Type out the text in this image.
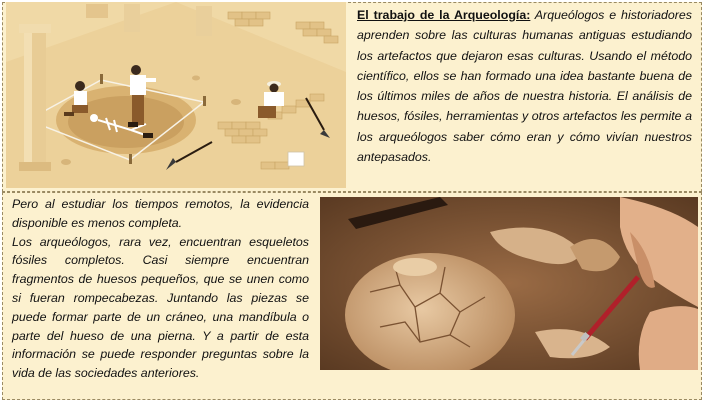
El trabajo de la Arqueología: Arqueólogos e historiadores aprenden sobre las culturas humanas antiguas estudiando los artefactos que dejaron esas culturas. Usando el método científico, ellos se han formado una idea bastante buena de los últimos miles de años de nuestra historia. El análisis de huesos, fósiles, herramientas y otros artefactos les permite a los arqueólogos saber cómo eran y cómo vivían nuestros antepasados.

Pero al estudiar los tiempos remotos, la evidencia disponible es menos completa.

Los arqueólogos, rara vez, encuentran esqueletos fósiles completos. Casi siempre encuentran fragmentos de huesos pequeños, que se unen como si fueran rompecabezas. Juntando las piezas se puede formar parte de un cráneo, una mandíbula o parte del hueso de una pierna. Y a partir de esta información se puede responder preguntas sobre la vida de las sociedades anteriores.
